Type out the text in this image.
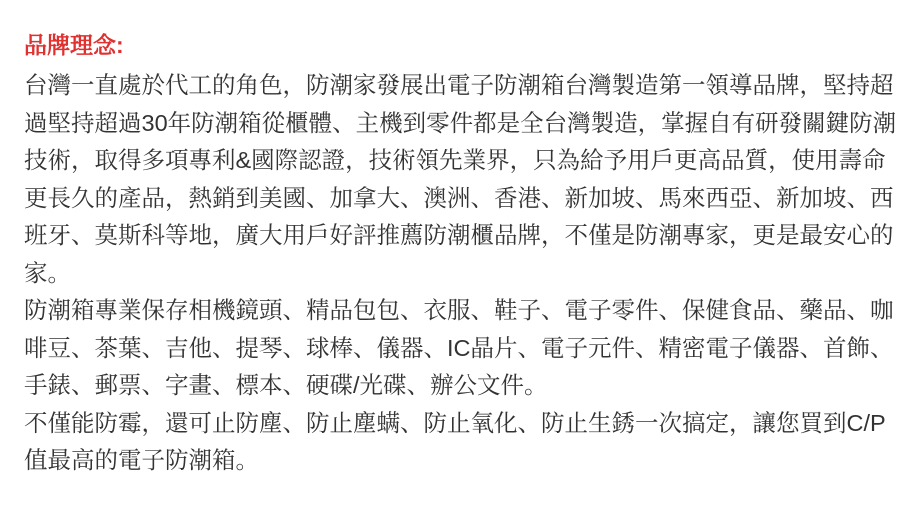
品牌理念:

台灣一直處於代工的角色，防潮家發展出電子防潮箱台灣製造第一領導品牌，堅持超過堅持超過30年防潮箱從櫃體、主機到零件都是全台灣製造，掌握自有研發關鍵防潮技術，取得多項專利&國際認證，技術領先業界，只為給予用戶更高品質，使用壽命更長久的產品，熱銷到美國、加拿大、澳洲、香港、新加坡、馬來西亞、新加坡、西班牙、莫斯科等地，廣大用戶好評推薦防潮櫃品牌，不僅是防潮專家，更是最安心的家。

防潮箱專業保存相機鏡頭、精品包包、衣服、鞋子、電子零件、保健食品、藥品、咖啡豆、茶葉、吉他、提琴、球棒、儀器、IC晶片、電子元件、精密電子儀器、首飾、手錶、郵票、字畫、標本、硬碟/光碟、辦公文件。

不僅能防霉，還可止防塵、防止塵螨、防止氧化、防止生銹一次搞定，讓您買到C/P值最高的電子防潮箱。
